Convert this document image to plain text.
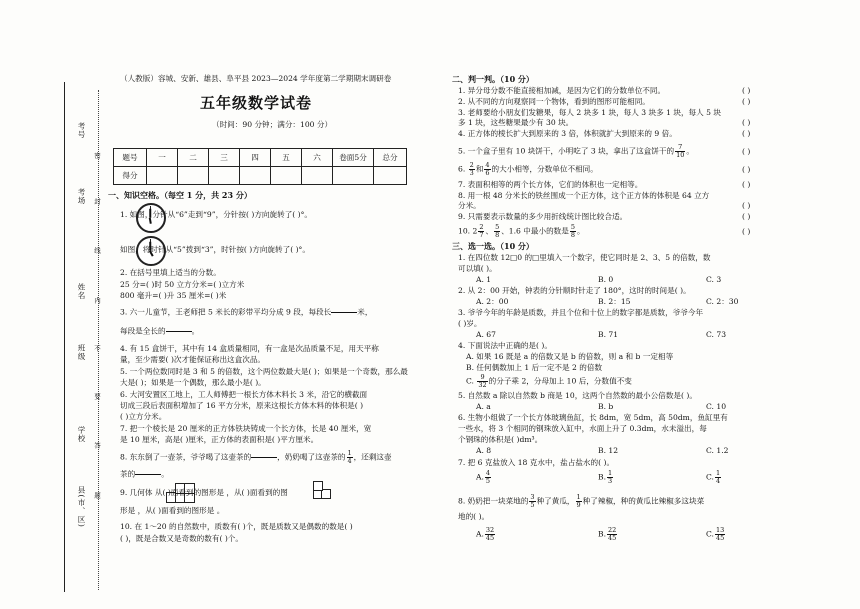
考号
考场
姓名
班级
学校
县(市、区)
密
封
线
内
不
要
答
题
（人教版）容城、安新、雄县、阜平县 2023—2024 学年度第二学期期末调研卷
五年级数学试卷
（时间：90 分钟；满分：100 分）
题号	一	二	三	四	五	六	卷面5分	总分
得分								
一、知识空格。（每空 1 分，共 23 分）
1. 如图，分针从“6”走到“9”，分针按( )方向旋转了( )°。
如图，将时针从“5”拨到“3”，时针按( )方向旋转了( )°。
2. 在括号里填上适当的分数。
25 分=( )时 50 立方分米=( )立方米
800 毫升=( )升 35 厘米=( )米
3. 六一儿童节，王老师把 5 米长的彩带平均分成 9 段，每段长	米，
每段是全长的	。
4. 有 15 盒饼干，其中有 14 盒质量相同，有一盒是次品质量不足，用天平称
量，至少需要( )次才能保证称出这盒次品。
5. 一个两位数同时是 3 和 5 的倍数，这个两位数最大是( )；如果是一个奇数，那么最
大是( )；如果是一个偶数，那么最小是( )。
6. 大河安置区工地上，工人师傅把一根长方体木料长 3 米，沿它的横截面
切成三段后表面积增加了 16 平方分米，原来这根长方体木料的体积是( )
( )立方分米。
7. 把一个棱长是 20 厘米的正方体铁块铸成一个长方体，长是 40 厘米，宽
是 10 厘米，高是( )厘米，正方体的表面积是( )平方厘米。
8. 东东倒了一壶茶，爷爷喝了这壶茶的	，奶奶喝了这壶茶的 $\frac{1}{4}$ ，还剩这壶
茶的	。
9. 几何体 从( )面看到的图形是 ，从( )面看到的图
形是 ，从( )面看到的图形是 。
10. 在 1～20 的自然数中，质数有( )个，既是质数又是偶数的数是( )
( )，既是合数又是奇数的数有( )个。
二、判一判。（10 分）
1. 异分母分数不能直接相加减，是因为它们的分数单位不同。
2. 从不同的方向观察同一个物体，看到的图形可能相同。
3. 老师要给小朋友们发糖果，每人 2 块多 1 块，每人 3 块多 1 块，每人 5 块
多 1 块，这些糖果最少有 30 块。
4. 正方体的棱长扩大到原来的 3 倍，体积就扩大到原来的 9 倍。
5. 一个盒子里有 10 块饼干，小明吃了 3 块，拿出了这盒饼干的 $\frac{7}{10}$ 。
6. $\frac{2}{3}$ 和 $\frac{4}{6}$ 的大小相等，分数单位不相同。
7. 表面积相等的两个长方体，它们的体积也一定相等。
8. 用一根 48 分米长的铁丝围成一个正方体，这个正方体的体积是 64 立方
分米。
9. 只需要表示数量的多少用折线统计图比较合适。
10. $2 \frac{2}{7}$ 、 $\frac{5}{8}$ 、1.6 中最小的数是 $\frac{5}{8}$ 。
( )
( )
( )
( )
( )
( )
( )
( )
( )
( )
三、选一选。（10 分）
1. 在四位数 12□0 的□里填入一个数字，使它同时是 2、3、5 的倍数，数
可以填( )。
A. 1	B. 0	C. 3
2. 从 2：00 开始，钟表的分针顺时针走了 180°，这时的时间是( )。
A. 2：00	B. 2：15	C. 2：30
3. 爷爷今年的年龄是质数，并且个位和十位上的数字都是质数，爷爷今年
( )岁。
A. 67	B. 71	C. 73
4. 下面说法中正确的是( )。
A. 如果 16 既是 a 的倍数又是 b 的倍数，则 a 和 b 一定相等
B. 任何偶数加上 1 后一定不是 2 的倍数
C. $\frac{9}{32}$ 的分子乘 2，分母加上 10 后，分数值不变
5. 自然数 a 除以自然数 b 商是 10，这两个自然数的最小公倍数是( )。
A. a	B. b	C. 10
6. 生物小组做了一个长方体玻璃鱼缸，长 8dm，宽 5dm，高 50dm，鱼缸里有
一些水，将 3 个相同的钢珠放入缸中，水面上升了 0.3dm，水未溢出，每
个钢珠的体积是( )dm³。
A. 8	B. 12	C. 1.2
7. 把 6 克盐放入 18 克水中，盐占盐水的( )。
A. $\frac{4}{5}$	B. $\frac{1}{3}$	C. $\frac{1}{4}$
8. 奶奶把一块菜地的 $\frac{3}{5}$ 种了黄瓜， $\frac{1}{9}$ 种了辣椒，种的黄瓜比辣椒多这块菜
地的( )。
A. $\frac{32}{45}$	B. $\frac{22}{45}$	C. $\frac{13}{45}$
